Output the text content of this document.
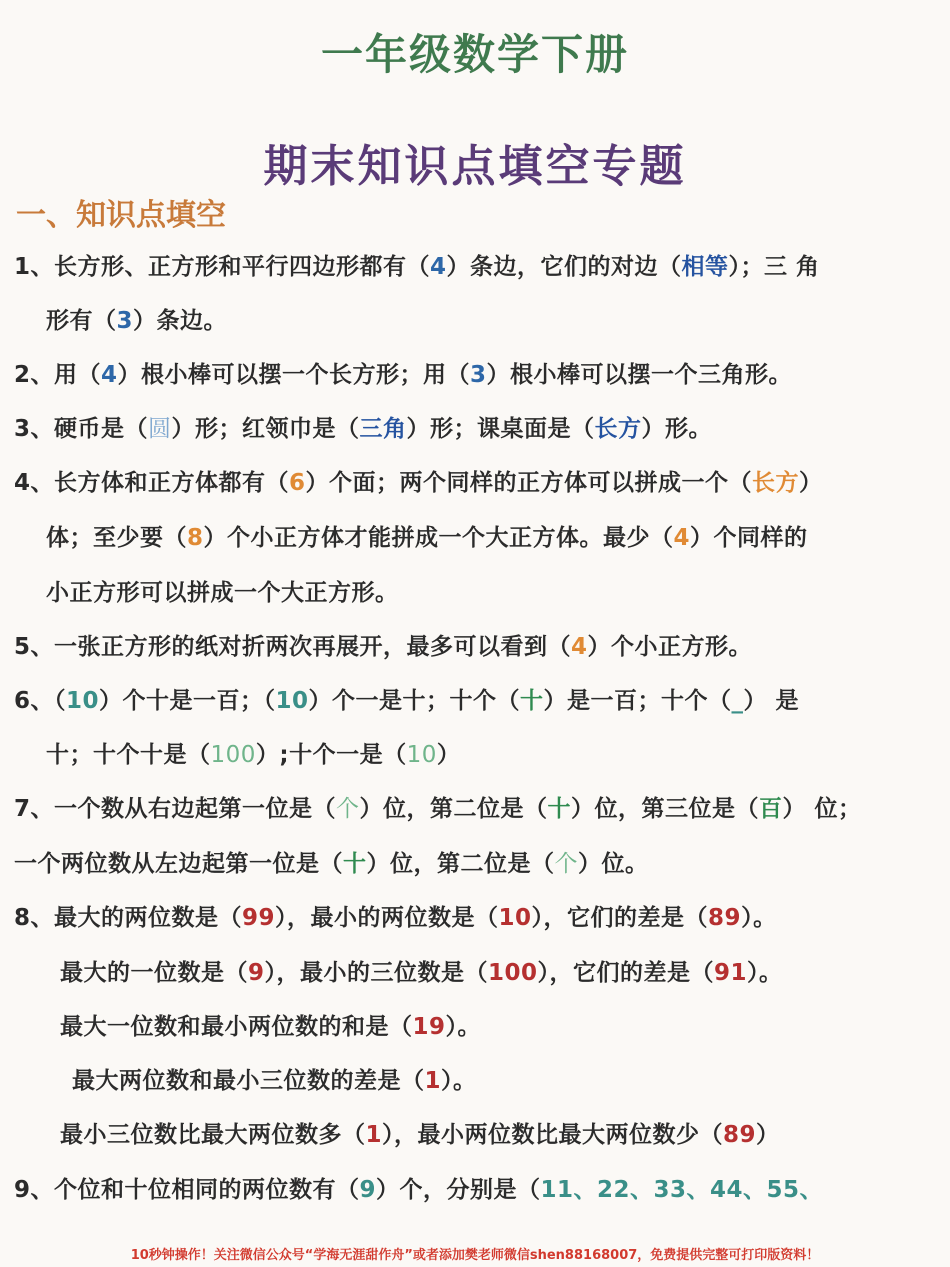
一年级数学下册
期末知识点填空专题
一、知识点填空
1、长方形、正方形和平行四边形都有（4）条边，它们的对边（相等）；三 角
形有（3）条边。
2、用（4）根小棒可以摆一个长方形；用（3）根小棒可以摆一个三角形。
3、硬币是（圆）形；红领巾是（三角）形；课桌面是（长方）形。
4、长方体和正方体都有（6）个面；两个同样的正方体可以拼成一个（长方）
体；至少要（8）个小正方体才能拼成一个大正方体。最少（4）个同样的
小正方形可以拼成一个大正方形。
5、一张正方形的纸对折两次再展开，最多可以看到（4）个小正方形。
6、（10）个十是一百；（10）个一是十；十个（十）是一百；十个（_） 是
十；十个十是（100）;十个一是（10）
7、一个数从右边起第一位是（个）位，第二位是（十）位，第三位是（百） 位；
一个两位数从左边起第一位是（十）位，第二位是（个）位。
8、最大的两位数是（99），最小的两位数是（10），它们的差是（89）。
最大的一位数是（9），最小的三位数是（100），它们的差是（91）。
最大一位数和最小两位数的和是（19）。
最大两位数和最小三位数的差是（1）。
最小三位数比最大两位数多（1），最小两位数比最大两位数少（89）
9、个位和十位相同的两位数有（9）个，分别是（11、22、33、44、55、
10秒钟操作！关注微信公众号“学海无涯甜作舟”或者添加樊老师微信shen88168007，免费提供完整可打印版资料！
